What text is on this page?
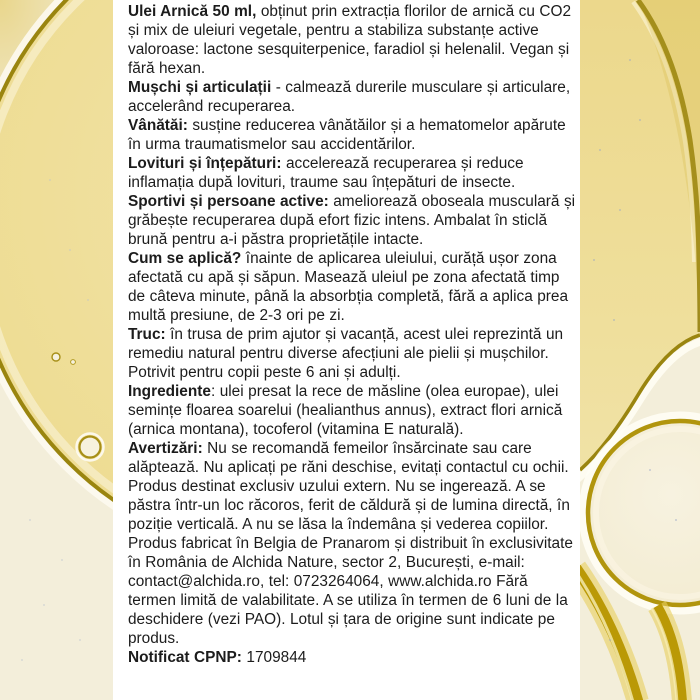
Ulei Arnică 50 ml, obținut prin extracția florilor de arnică cu CO2 și mix de uleiuri vegetale, pentru a stabiliza substanțe active valoroase: lactone sesquiterpenice, faradiol și helenalil. Vegan și fără hexan.

Mușchi și articulații - calmează durerile musculare și articulare, accelerând recuperarea.

Vânătăi: susține reducerea vânătăilor și a hematomelor apărute în urma traumatismelor sau accidentărilor.

Lovituri și înțepături: accelerează recuperarea și reduce inflamația după lovituri, traume sau înțepături de insecte.

Sportivi și persoane active: ameliorează oboseala musculară și grăbește recuperarea după efort fizic intens. Ambalat în sticlă brună pentru a-i păstra proprietățile intacte.

Cum se aplică? înainte de aplicarea uleiului, curăță ușor zona afectată cu apă și săpun. Masează uleiul pe zona afectată timp de câteva minute, până la absorbția completă, fără a aplica prea multă presiune, de 2-3 ori pe zi.

Truc: în trusa de prim ajutor și vacanță, acest ulei reprezintă un remediu natural pentru diverse afecțiuni ale pielii și mușchilor. Potrivit pentru copii peste 6 ani și adulți.

Ingrediente: ulei presat la rece de măsline (olea europae), ulei semințe floarea soarelui (healianthus annus), extract flori arnică (arnica montana), tocoferol (vitamina E naturală).

Avertizări: Nu se recomandă femeilor însărcinate sau care alăptează. Nu aplicați pe răni deschise, evitați contactul cu ochii. Produs destinat exclusiv uzului extern. Nu se ingerează. A se păstra într-un loc răcoros, ferit de căldură și de lumina directă, în poziție verticală. A nu se lăsa la îndemâna și vederea copiilor. Produs fabricat în Belgia de Pranarom și distribuit în exclusivitate în România de Alchida Nature, sector 2, București, e-mail: contact@alchida.ro, tel: 0723264064, www.alchida.ro Fără termen limită de valabilitate. A se utiliza în termen de 6 luni de la deschidere (vezi PAO). Lotul și țara de origine sunt indicate pe produs.

Notificat CPNP: 1709844
